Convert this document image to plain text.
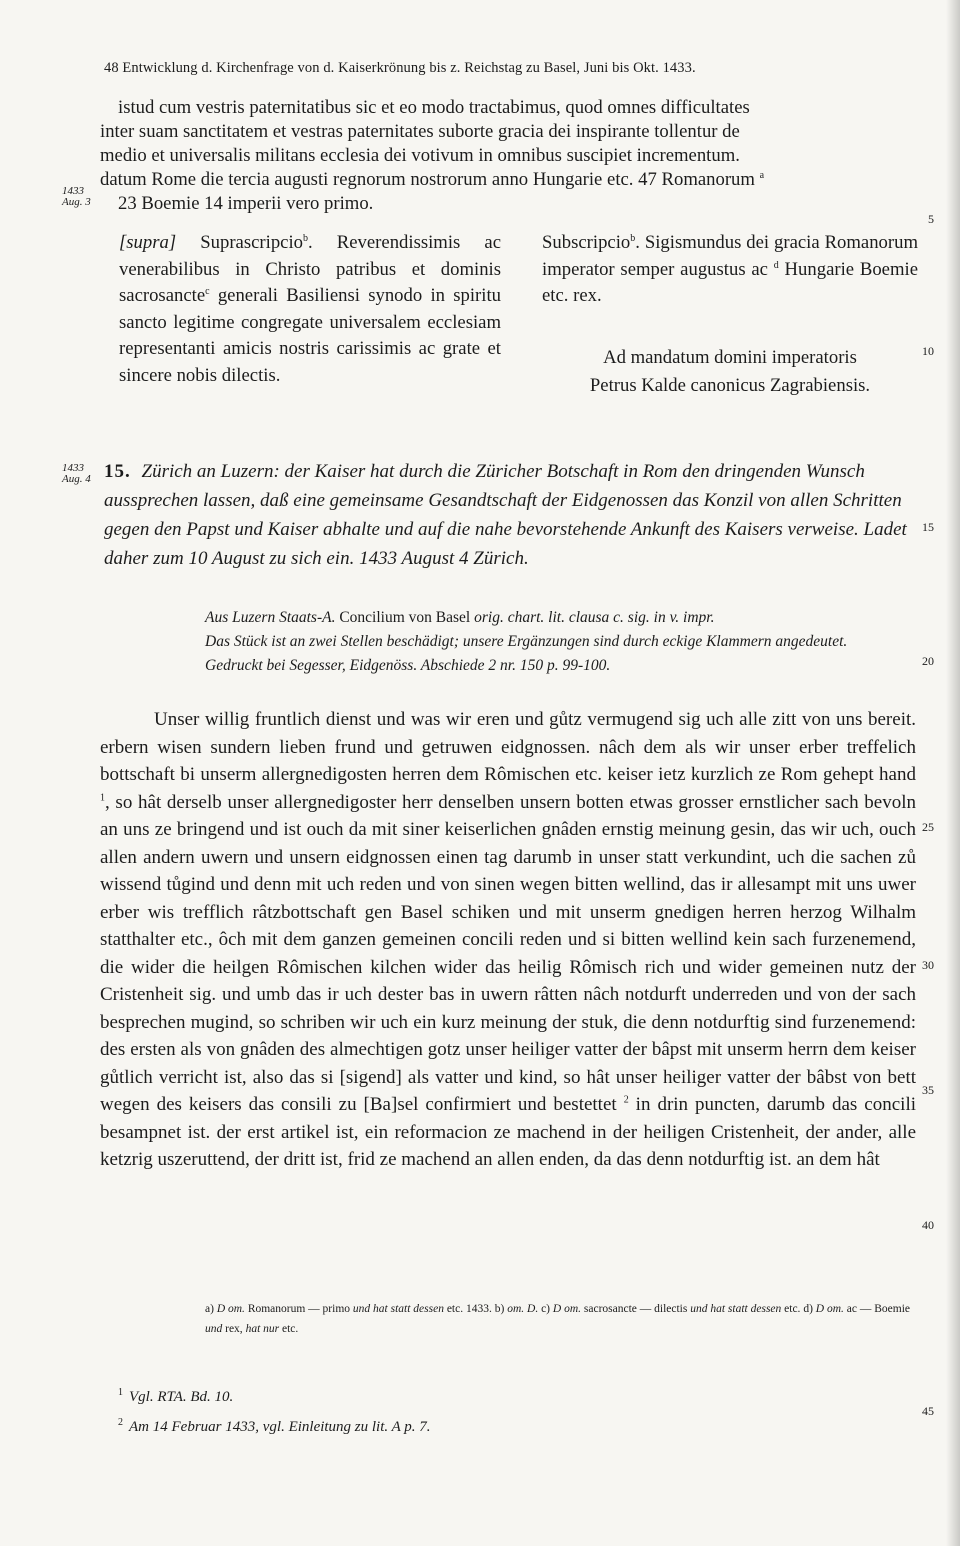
48 Entwicklung d. Kirchenfrage von d. Kaiserkrönung bis z. Reichstag zu Basel, Juni bis Okt. 1433.

istud cum vestris paternitatibus sic et eo modo tractabimus, quod omnes difficultates

inter suam sanctitatem et vestras paternitates suborte gracia dei inspirante tollentur de

medio et universalis militans ecclesia dei votivum in omnibus suscipiet incrementum.

datum Rome die tercia augusti regnorum nostrorum anno Hungarie etc. 47 Romanorum $^a$

23 Boemie 14 imperii vero primo.

1433
Aug. 3
5
[supra] Suprascripcio$^b$. Reverendissimis ac venerabilibus in Christo patribus et dominis sacrosancte$^c$ generali Basiliensi synodo in spiritu sancto legitime congregate universalem ecclesiam representanti amicis nostris carissimis ac grate et sincere nobis dilectis.
Subscripcio$^b$. Sigismundus dei gracia Romanorum imperator semper augustus ac $^d$ Hungarie Boemie etc. rex.
Ad mandatum domini imperatoris
Petrus Kalde canonicus Zagrabiensis.
10
1433
Aug. 4 15. Zürich an Luzern: der Kaiser hat durch die Züricher Botschaft in Rom den dringenden Wunsch aussprechen lassen, daß eine gemeinsame Gesandtschaft der Eidgenossen das Konzil von allen Schritten gegen den Papst und Kaiser abhalte und auf die nahe bevorstehende Ankunft des Kaisers verweise. Ladet daher zum 10 August zu sich ein. 1433 August 4 Zürich.
15

Aus Luzern Staats-A. Concilium von Basel orig. chart. lit. clausa c. sig. in v. impr.

Das Stück ist an zwei Stellen beschädigt; unsere Ergänzungen sind durch eckige Klammern angedeutet.

Gedruckt bei Segesser, Eidgenöss. Abschiede 2 nr. 150 p. 99-100.	20

Unser willig fruntlich dienst und was wir eren und gůtz vermugend sig uch alle zitt von uns bereit. erbern wisen sundern lieben frund und getruwen eidgnossen. nâch dem als wir unser erber treffelich bottschaft bi unserm allergnedigosten herren dem Rômischen etc. keiser ietz kurzlich ze Rom gehept hand $^1$, so hât derselb unser allergnedigoster herr denselben unsern botten etwas grosser ernstlicher sach bevoln an uns ze bringend und ist ouch da mit siner keiserlichen gnâden ernstig meinung gesin, das wir uch, ouch allen andern uwern und unsern eidgnossen einen tag darumb in unser statt verkundint, uch die sachen zů wissend tůgind und denn mit uch reden und von sinen wegen bitten wellind, das ir allesampt mit uns uwer erber wis trefflich râtzbottschaft gen Basel schiken und mit unserm gnedigen herren herzog Wilhalm statthalter etc., ôch mit dem ganzen gemeinen concili reden und si bitten wellind kein sach furzenemend, die wider die heilgen Rômischen kilchen wider das heilig Rômisch rich und wider gemeinen nutz der Cristenheit sig. und umb das ir uch dester bas in uwern râtten nâch notdurft underreden und von der sach besprechen mugind, so schriben wir uch ein kurz meinung der stuk, die denn notdurftig sind furzenemend: des ersten als von gnâden des almechtigen gotz unser heiliger vatter der bâpst mit unserm herrn dem keiser gůtlich verricht ist, also das si [sigend] als vatter und kind, so hât unser heiliger vatter der bâbst von bett wegen des keisers das consili zu [Ba]sel confirmiert und bestettet $^2$ in drin puncten, darumb das concili besampnet ist. der erst artikel ist, ein reformacion ze machend in der heiligen Cristenheit, der ander, alle ketzrig uszeruttend, der dritt ist, frid ze machend an allen enden, da das denn notdurftig ist. an dem hât

25
30
35
40
a) D om. Romanorum — primo und hat statt dessen etc. 1433. b) om. D. c) D om. sacrosancte — dilectis und hat statt dessen etc. d) D om. ac — Boemie und rex, hat nur etc.

$^1$ Vgl. RTA. Bd. 10.

$^2$ Am 14 Februar 1433, vgl. Einleitung zu lit. A p. 7.

45
